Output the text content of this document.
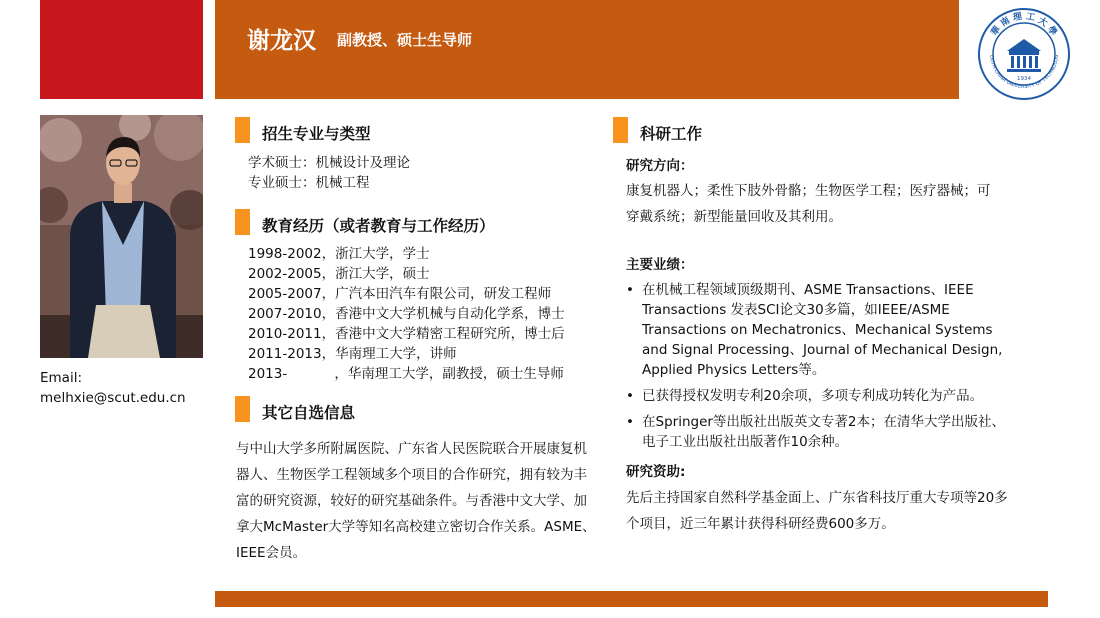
谢龙汉 副教授、硕士生导师	華 南 理 工 大 學
OUTH CHINA UNIVERSITY OF TECHNOLOG
1934
Email:
melhxie@scut.edu.cn
招生专业与类型
学术硕士：机械设计及理论
专业硕士：机械工程
教育经历（或者教育与工作经历）
1998-2002，浙江大学，学士
2002-2005，浙江大学，硕士
2005-2007，广汽本田汽车有限公司，研发工程师
2007-2010，香港中文大学机械与自动化学系，博士
2010-2011，香港中文大学精密工程研究所，博士后
2011-2013，华南理工大学，讲师
2013-           ，华南理工大学，副教授，硕士生导师
其它自选信息
与中山大学多所附属医院、广东省人民医院联合开展康复机器人、生物医学工程领域多个项目的合作研究，拥有较为丰富的研究资源，较好的研究基础条件。与香港中文大学、加拿大McMaster大学等知名高校建立密切合作关系。ASME、IEEE会员。
科研工作
研究方向：
康复机器人；柔性下肢外骨骼；生物医学工程；医疗器械；可穿戴系统；新型能量回收及其利用。
主要业绩：
• 在机械工程领域顶级期刊、ASME Transactions、IEEE Transactions 发表SCI论文30多篇，如IEEE/ASME Transactions on Mechatronics、Mechanical Systems and Signal Processing、Journal of Mechanical Design, Applied Physics Letters等。
• 已获得授权发明专利20余项，多项专利成功转化为产品。
• 在Springer等出版社出版英文专著2本；在清华大学出版社、电子工业出版社出版著作10余种。
研究资助:
先后主持国家自然科学基金面上、广东省科技厅重大专项等20多个项目，近三年累计获得科研经费600多万。
